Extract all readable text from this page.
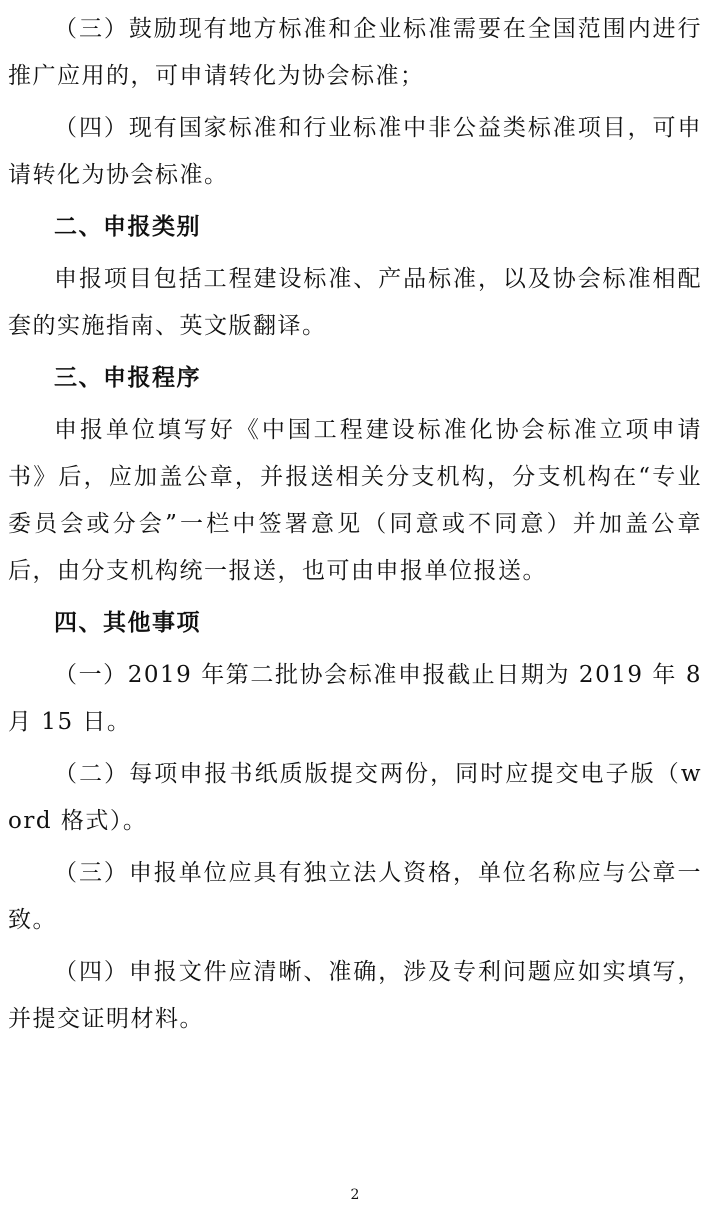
（三）鼓励现有地方标准和企业标准需要在全国范围内进行推广应用的，可申请转化为协会标准；

（四）现有国家标准和行业标准中非公益类标准项目，可申请转化为协会标准。

二、申报类别

申报项目包括工程建设标准、产品标准，以及协会标准相配套的实施指南、英文版翻译。

三、申报程序

申报单位填写好《中国工程建设标准化协会标准立项申请书》后，应加盖公章，并报送相关分支机构，分支机构在“专业委员会或分会”一栏中签署意见（同意或不同意）并加盖公章后，由分支机构统一报送，也可由申报单位报送。

四、其他事项

（一）2019 年第二批协会标准申报截止日期为 2019 年 8 月 15 日。

（二）每项申报书纸质版提交两份，同时应提交电子版（word 格式）。

（三）申报单位应具有独立法人资格，单位名称应与公章一致。

（四）申报文件应清晰、准确，涉及专利问题应如实填写，并提交证明材料。

2
